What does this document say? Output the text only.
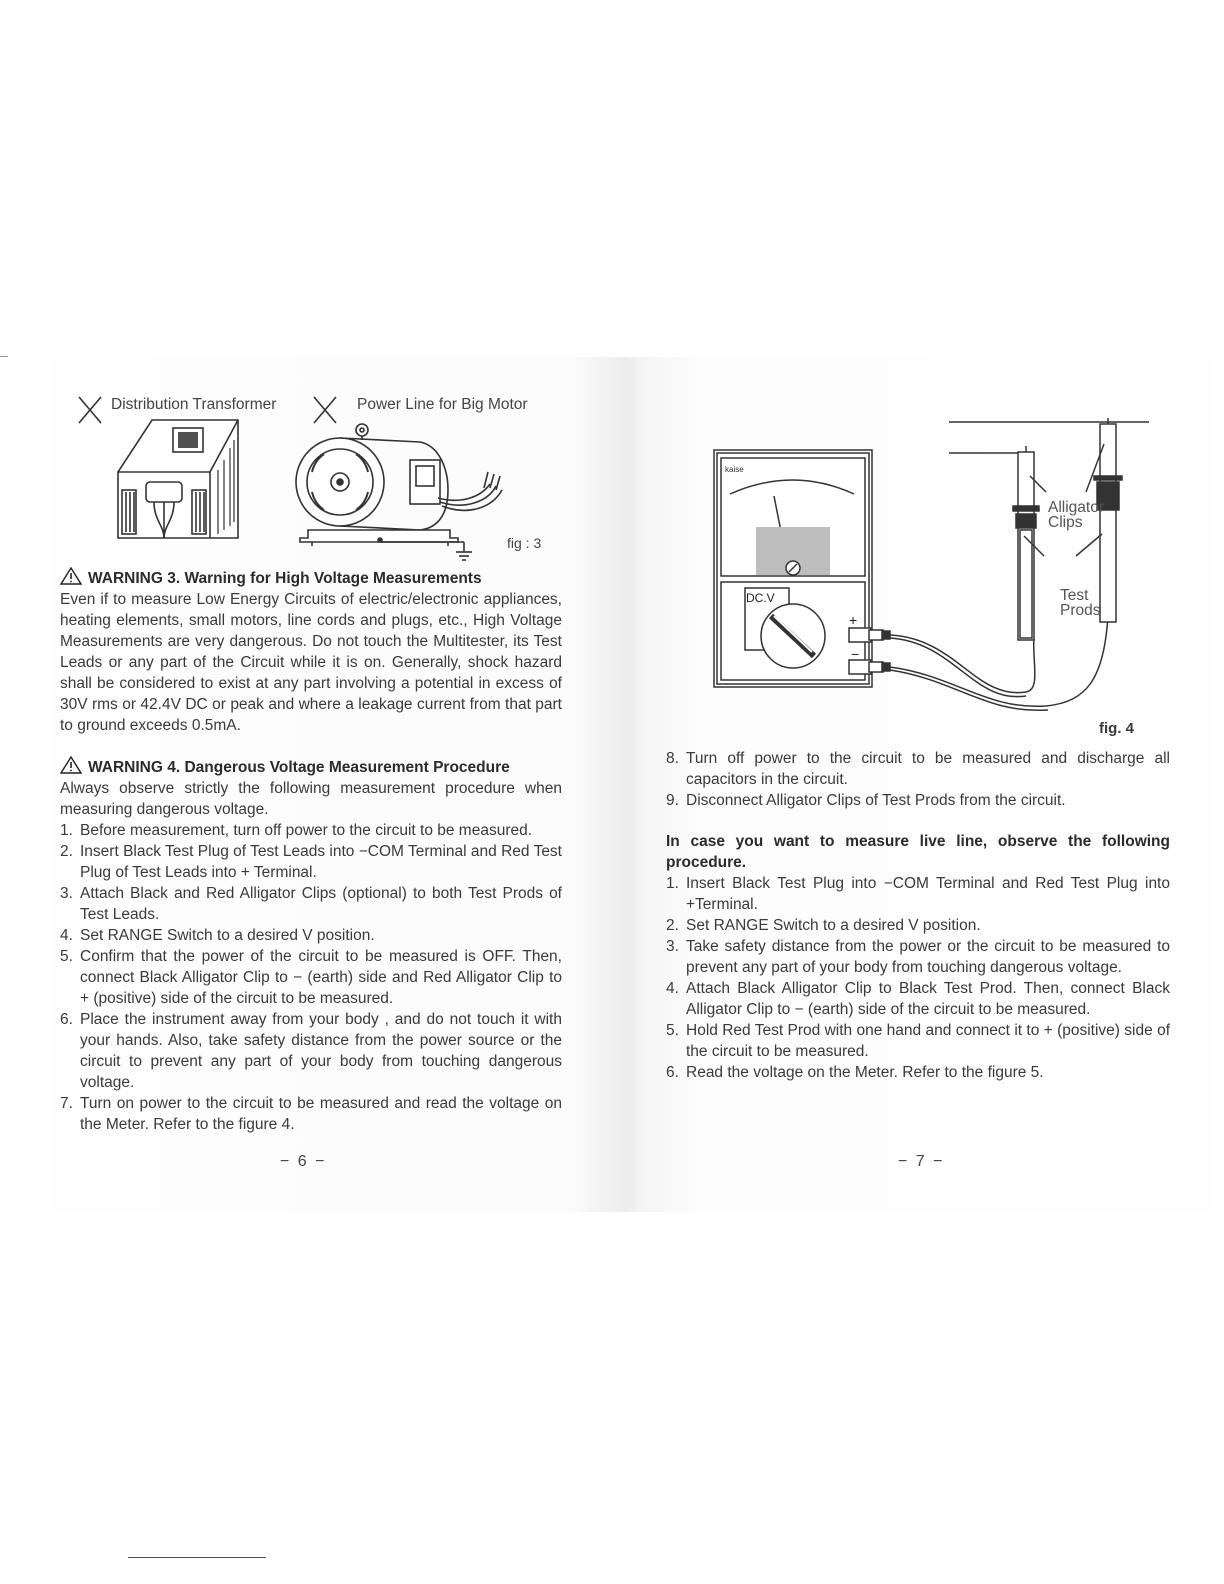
Distribution Transformer	Power Line for Big Motor
fig : 3

WARNING 3. Warning for High Voltage Measurements

Even if to measure Low Energy Circuits of electric/electronic appliances, heating elements, small motors, line cords and plugs, etc., High Voltage Measurements are very dangerous. Do not touch the Multitester, its Test Leads or any part of the Circuit while it is on. Generally, shock hazard shall be considered to exist at any part involving a potential in excess of 30V rms or 42.4V DC or peak and where a leakage current from that part to ground exceeds 0.5mA.

WARNING 4. Dangerous Voltage Measurement Procedure

Always observe strictly the following measurement procedure when measuring dangerous voltage.

1. Before measurement, turn off power to the circuit to be measured.
2. Insert Black Test Plug of Test Leads into −COM Terminal and Red Test Plug of Test Leads into + Terminal.
3. Attach Black and Red Alligator Clips (optional) to both Test Prods of Test Leads.
4. Set RANGE Switch to a desired V position.
5. Confirm that the power of the circuit to be measured is OFF. Then, connect Black Alligator Clip to − (earth) side and Red Alligator Clip to + (positive) side of the circuit to be measured.
6. Place the instrument away from your body , and do not touch it with your hands. Also, take safety distance from the power source or the circuit to prevent any part of your body from touching dangerous voltage.
7. Turn on power to the circuit to be measured and read the voltage on the Meter. Refer to the figure 4.
− 6 −
kaise
DC.V
+
−
Alligator
Clips
Test
Prods
fig. 4
8. Turn off power to the circuit to be measured and discharge all capacitors in the circuit.
9. Disconnect Alligator Clips of Test Prods from the circuit.

In case you want to measure live line, observe the following procedure.

1. Insert Black Test Plug into −COM Terminal and Red Test Plug into +Terminal.
2. Set RANGE Switch to a desired V position.
3. Take safety distance from the power or the circuit to be measured to prevent any part of your body from touching dangerous voltage.
4. Attach Black Alligator Clip to Black Test Prod. Then, connect Black Alligator Clip to − (earth) side of the circuit to be measured.
5. Hold Red Test Prod with one hand and connect it to + (positive) side of the circuit to be measured.
6. Read the voltage on the Meter. Refer to the figure 5.
− 7 −
